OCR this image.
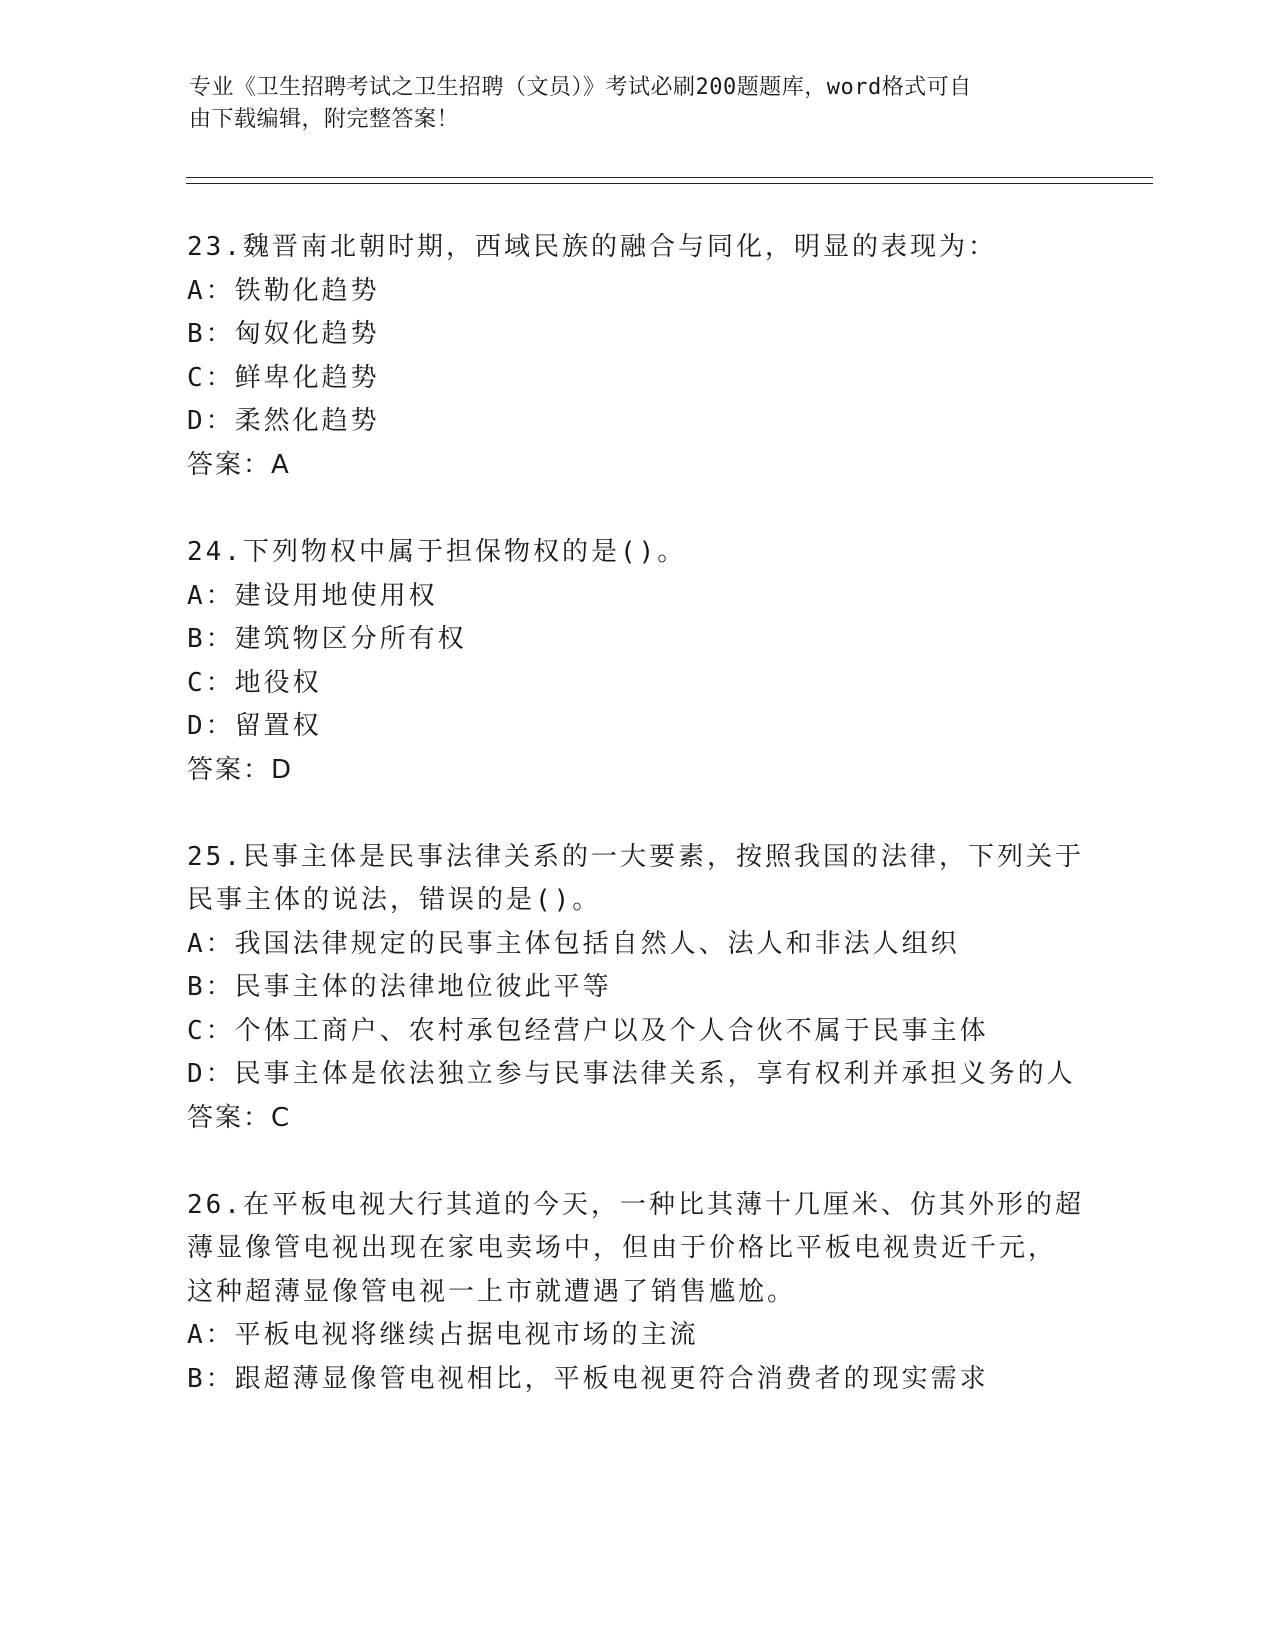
专业《卫生招聘考试之卫生招聘（文员）》考试必刷200题题库，word格式可自
由下载编辑，附完整答案！
23.魏晋南北朝时期，西域民族的融合与同化，明显的表现为：
A：铁勒化趋势
B：匈奴化趋势
C：鲜卑化趋势
D：柔然化趋势
答案：A
24.下列物权中属于担保物权的是()。
A：建设用地使用权
B：建筑物区分所有权
C：地役权
D：留置权
答案：D
25.民事主体是民事法律关系的一大要素，按照我国的法律，下列关于
民事主体的说法，错误的是()。
A：我国法律规定的民事主体包括自然人、法人和非法人组织
B：民事主体的法律地位彼此平等
C：个体工商户、农村承包经营户以及个人合伙不属于民事主体
D：民事主体是依法独立参与民事法律关系，享有权利并承担义务的人
答案：C
26.在平板电视大行其道的今天，一种比其薄十几厘米、仿其外形的超
薄显像管电视出现在家电卖场中，但由于价格比平板电视贵近千元，
这种超薄显像管电视一上市就遭遇了销售尴尬。
A：平板电视将继续占据电视市场的主流
B：跟超薄显像管电视相比，平板电视更符合消费者的现实需求
